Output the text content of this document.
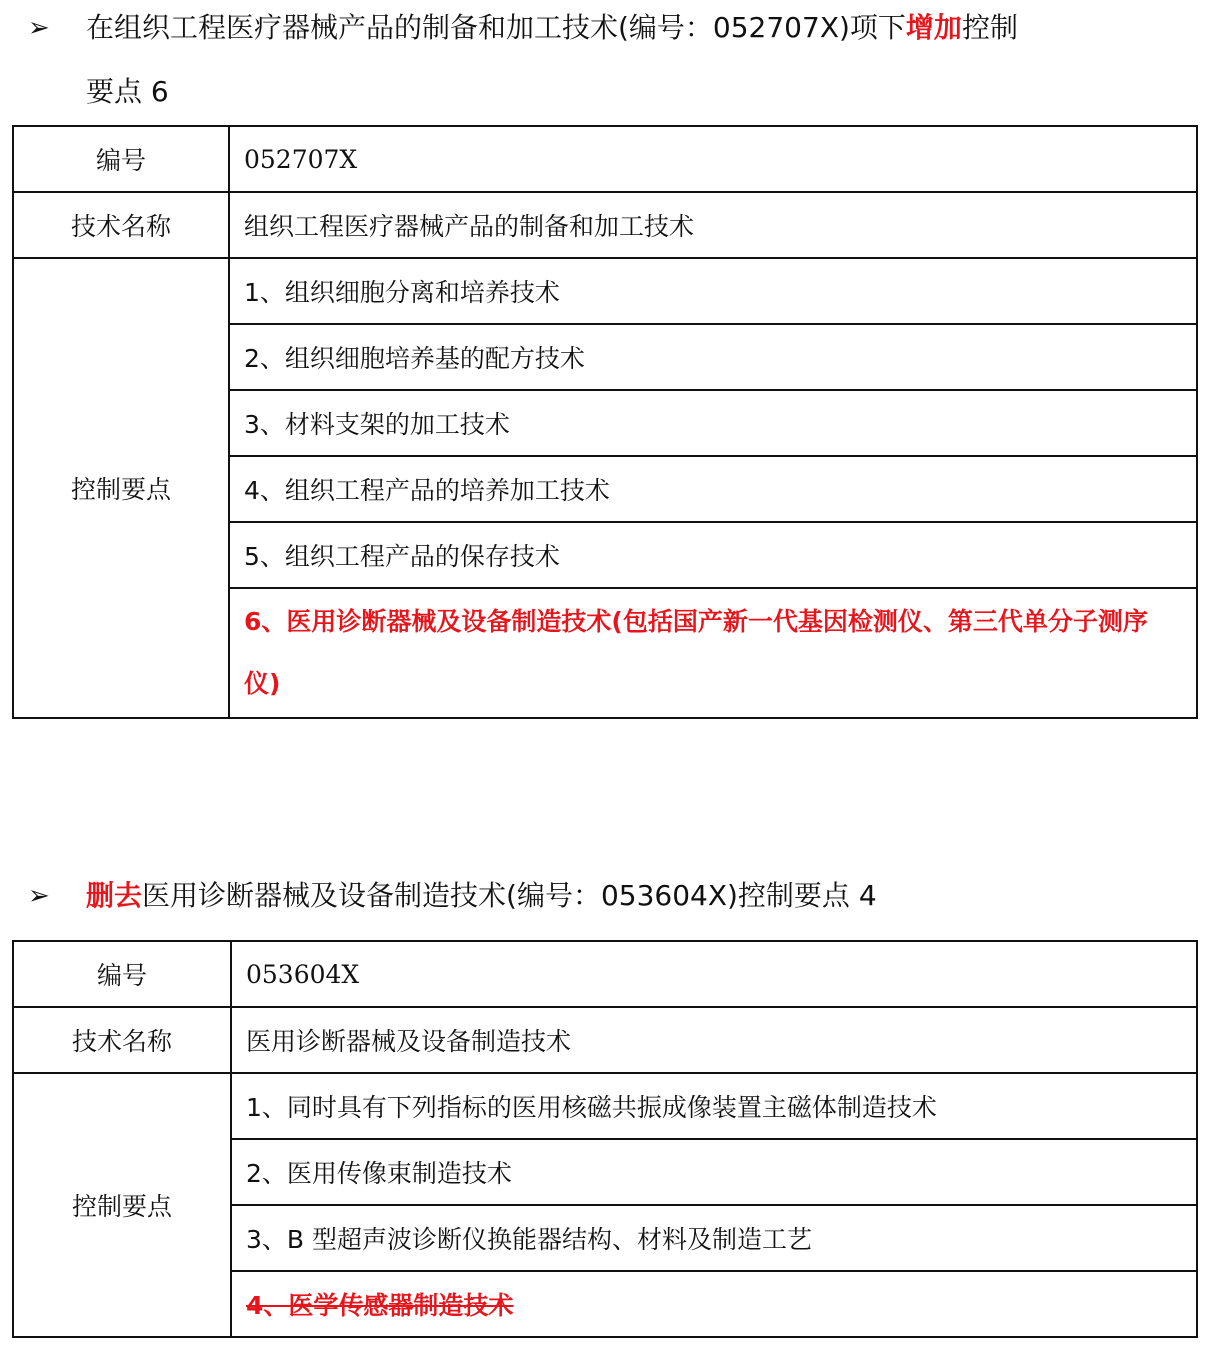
➢ 在组织工程医疗器械产品的制备和加工技术(编号：052707X)项下增加控制
要点 6
编号	052707X
技术名称	组织工程医疗器械产品的制备和加工技术
控制要点	1、组织细胞分离和培养技术
	2、组织细胞培养基的配方技术
	3、材料支架的加工技术
	4、组织工程产品的培养加工技术
	5、组织工程产品的保存技术
	6、医用诊断器械及设备制造技术(包括国产新一代基因检测仪、第三代单分子测序仪)
➢ 删去医用诊断器械及设备制造技术(编号：053604X)控制要点 4
编号	053604X
技术名称	医用诊断器械及设备制造技术
控制要点	1、同时具有下列指标的医用核磁共振成像装置主磁体制造技术
	2、医用传像束制造技术
	3、B 型超声波诊断仪换能器结构、材料及制造工艺
	4、医学传感器制造技术
